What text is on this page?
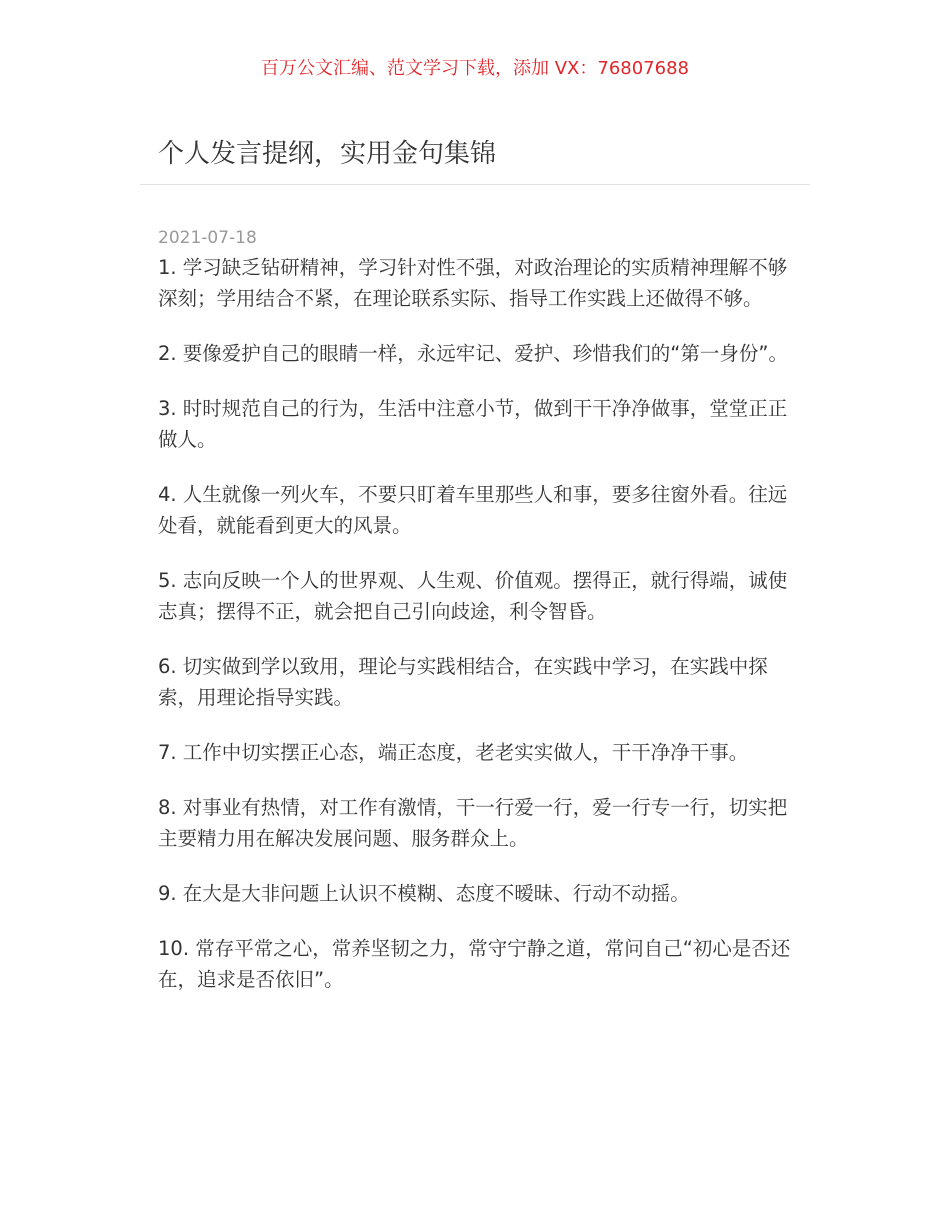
百万公文汇编、范文学习下载，添加 VX：76807688
个人发言提纲，实用金句集锦
2021-07-18
1. 学习缺乏钻研精神，学习针对性不强，对政治理论的实质精神理解不够深刻；学用结合不紧，在理论联系实际、指导工作实践上还做得不够。
2. 要像爱护自己的眼睛一样，永远牢记、爱护、珍惜我们的“第一身份”。
3. 时时规范自己的行为，生活中注意小节，做到干干净净做事，堂堂正正做人。
4. 人生就像一列火车，不要只盯着车里那些人和事，要多往窗外看。往远处看，就能看到更大的风景。
5. 志向反映一个人的世界观、人生观、价值观。摆得正，就行得端，诚使志真；摆得不正，就会把自己引向歧途，利令智昏。
6. 切实做到学以致用，理论与实践相结合，在实践中学习，在实践中探索，用理论指导实践。
7. 工作中切实摆正心态，端正态度，老老实实做人，干干净净干事。
8. 对事业有热情，对工作有激情，干一行爱一行，爱一行专一行，切实把主要精力用在解决发展问题、服务群众上。
9. 在大是大非问题上认识不模糊、态度不暧昧、行动不动摇。
10. 常存平常之心，常养坚韧之力，常守宁静之道，常问自己“初心是否还在，追求是否依旧”。
